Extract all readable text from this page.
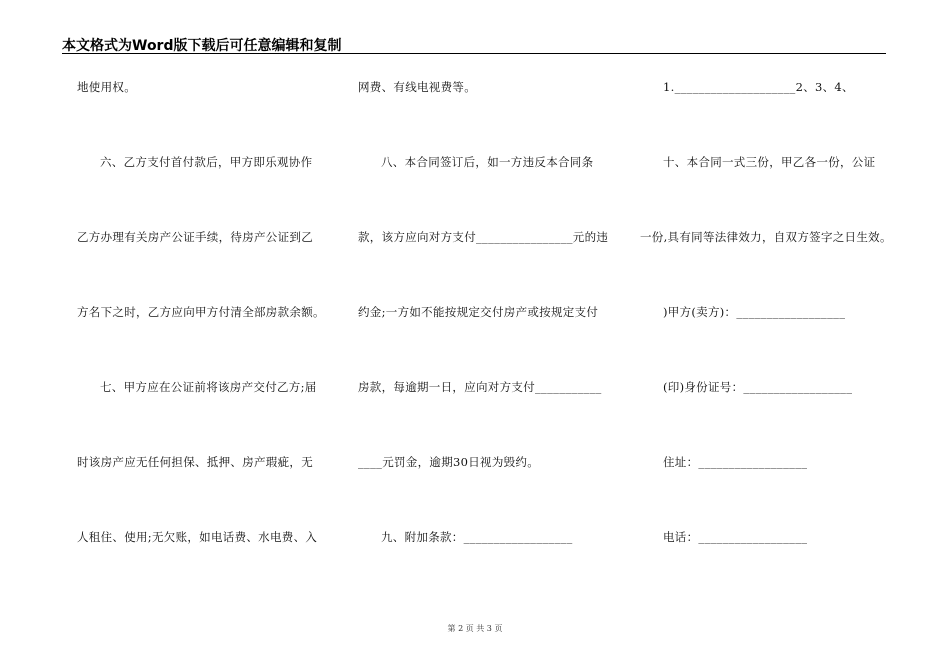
本文格式为Word版下载后可任意编辑和复制
地使用权。
六、乙方支付首付款后，甲方即乐观协作
乙方办理有关房产公证手续，待房产公证到乙
方名下之时，乙方应向甲方付清全部房款余额。
七、甲方应在公证前将该房产交付乙方;届
时该房产应无任何担保、抵押、房产瑕疵，无
人租住、使用;无欠账，如电话费、水电费、入
网费、有线电视费等。
八、本合同签订后，如一方违反本合同条
款，该方应向对方支付________________元的违
约金;一方如不能按规定交付房产或按规定支付
房款，每逾期一日，应向对方支付___________
____元罚金，逾期30日视为毁约。
九、附加条款：__________________
1.____________________2、3、4、
十、本合同一式三份，甲乙各一份，公证
一份,具有同等法律效力，自双方签字之日生效。
)甲方(卖方)：__________________
(印)身份证号：__________________
住址：__________________
电话：__________________
第 2 页 共 3 页
